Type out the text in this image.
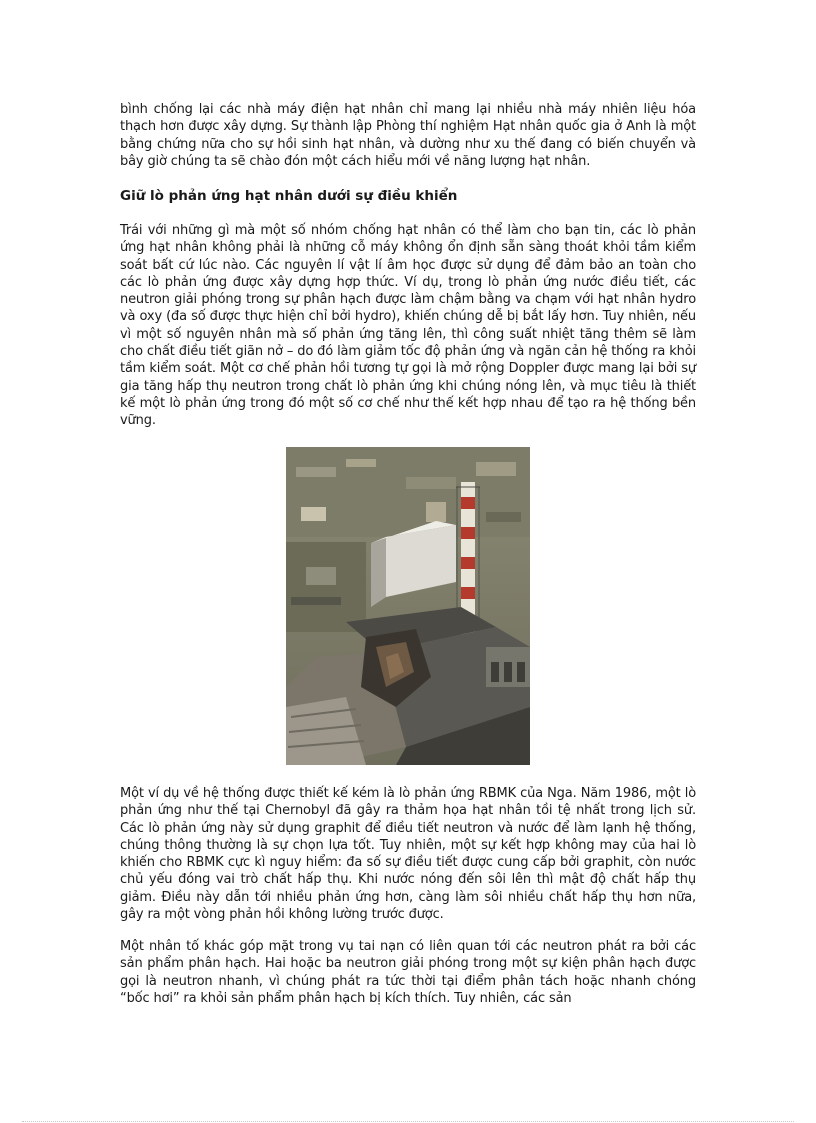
bình chống lại các nhà máy điện hạt nhân chỉ mang lại nhiều nhà máy nhiên liệu hóa thạch hơn được xây dựng. Sự thành lập Phòng thí nghiệm Hạt nhân quốc gia ở Anh là một bằng chứng nữa cho sự hồi sinh hạt nhân, và dường như xu thế đang có biến chuyển và bây giờ chúng ta sẽ chào đón một cách hiểu mới về năng lượng hạt nhân.

Giữ lò phản ứng hạt nhân dưới sự điều khiển

Trái với những gì mà một số nhóm chống hạt nhân có thể làm cho bạn tin, các lò phản ứng hạt nhân không phải là những cỗ máy không ổn định sẵn sàng thoát khỏi tầm kiểm soát bất cứ lúc nào. Các nguyên lí vật lí âm học được sử dụng để đảm bảo an toàn cho các lò phản ứng được xây dựng hợp thức. Ví dụ, trong lò phản ứng nước điều tiết, các neutron giải phóng trong sự phân hạch được làm chậm bằng va chạm với hạt nhân hydro và oxy (đa số được thực hiện chỉ bởi hydro), khiến chúng dễ bị bắt lấy hơn. Tuy nhiên, nếu vì một số nguyên nhân mà số phản ứng tăng lên, thì công suất nhiệt tăng thêm sẽ làm cho chất điều tiết giãn nở – do đó làm giảm tốc độ phản ứng và ngăn cản hệ thống ra khỏi tầm kiểm soát. Một cơ chế phản hồi tương tự gọi là mở rộng Doppler được mang lại bởi sự gia tăng hấp thụ neutron trong chất lò phản ứng khi chúng nóng lên, và mục tiêu là thiết kế một lò phản ứng trong đó một số cơ chế như thế kết hợp nhau để tạo ra hệ thống bền vững.

Một ví dụ về hệ thống được thiết kế kém là lò phản ứng RBMK của Nga. Năm 1986, một lò phản ứng như thế tại Chernobyl đã gây ra thảm họa hạt nhân tồi tệ nhất trong lịch sử. Các lò phản ứng này sử dụng graphit để điều tiết neutron và nước để làm lạnh hệ thống, chúng thông thường là sự chọn lựa tốt. Tuy nhiên, một sự kết hợp không may của hai lò khiến cho RBMK cực kì nguy hiểm: đa số sự điều tiết được cung cấp bởi graphit, còn nước chủ yếu đóng vai trò chất hấp thụ. Khi nước nóng đến sôi lên thì mật độ chất hấp thụ giảm. Điều này dẫn tới nhiều phản ứng hơn, càng làm sôi nhiều chất hấp thụ hơn nữa, gây ra một vòng phản hồi không lường trước được.

Một nhân tố khác góp mặt trong vụ tai nạn có liên quan tới các neutron phát ra bởi các sản phẩm phân hạch. Hai hoặc ba neutron giải phóng trong một sự kiện phân hạch được gọi là neutron nhanh, vì chúng phát ra tức thời tại điểm phân tách hoặc nhanh chóng “bốc hơi” ra khỏi sản phẩm phân hạch bị kích thích. Tuy nhiên, các sản
